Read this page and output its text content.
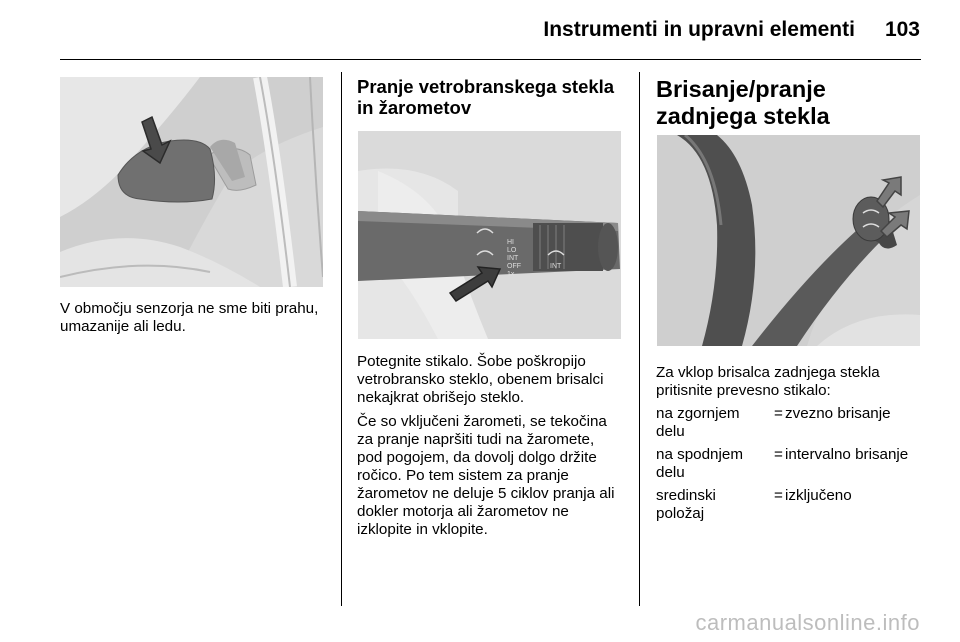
Instrumenti in upravni elementi 103

V območju senzorja ne sme biti prahu, umazanije ali ledu.

Pranje vetrobranskega stekla in žarometov

HI
LO
INT
OFF
1x
INT

Potegnite stikalo. Šobe poškropijo vetrobransko steklo, obenem brisalci nekajkrat obrišejo steklo.

Če so vključeni žarometi, se tekočina za pranje napršiti tudi na žaromete, pod pogojem, da dovolj dolgo držite ročico. Po tem sistem za pranje žarometov ne deluje 5 ciklov pranja ali dokler motorja ali žarometov ne izklopite in vklopite.

Brisanje/pranje zadnjega stekla

Za vklop brisalca zadnjega stekla pritisnite prevesno stikalo:

na zgornjem delu	=	zvezno brisanje
na spodnjem delu	=	intervalno brisanje
sredinski položaj	=	izključeno
carmanualsonline.info
